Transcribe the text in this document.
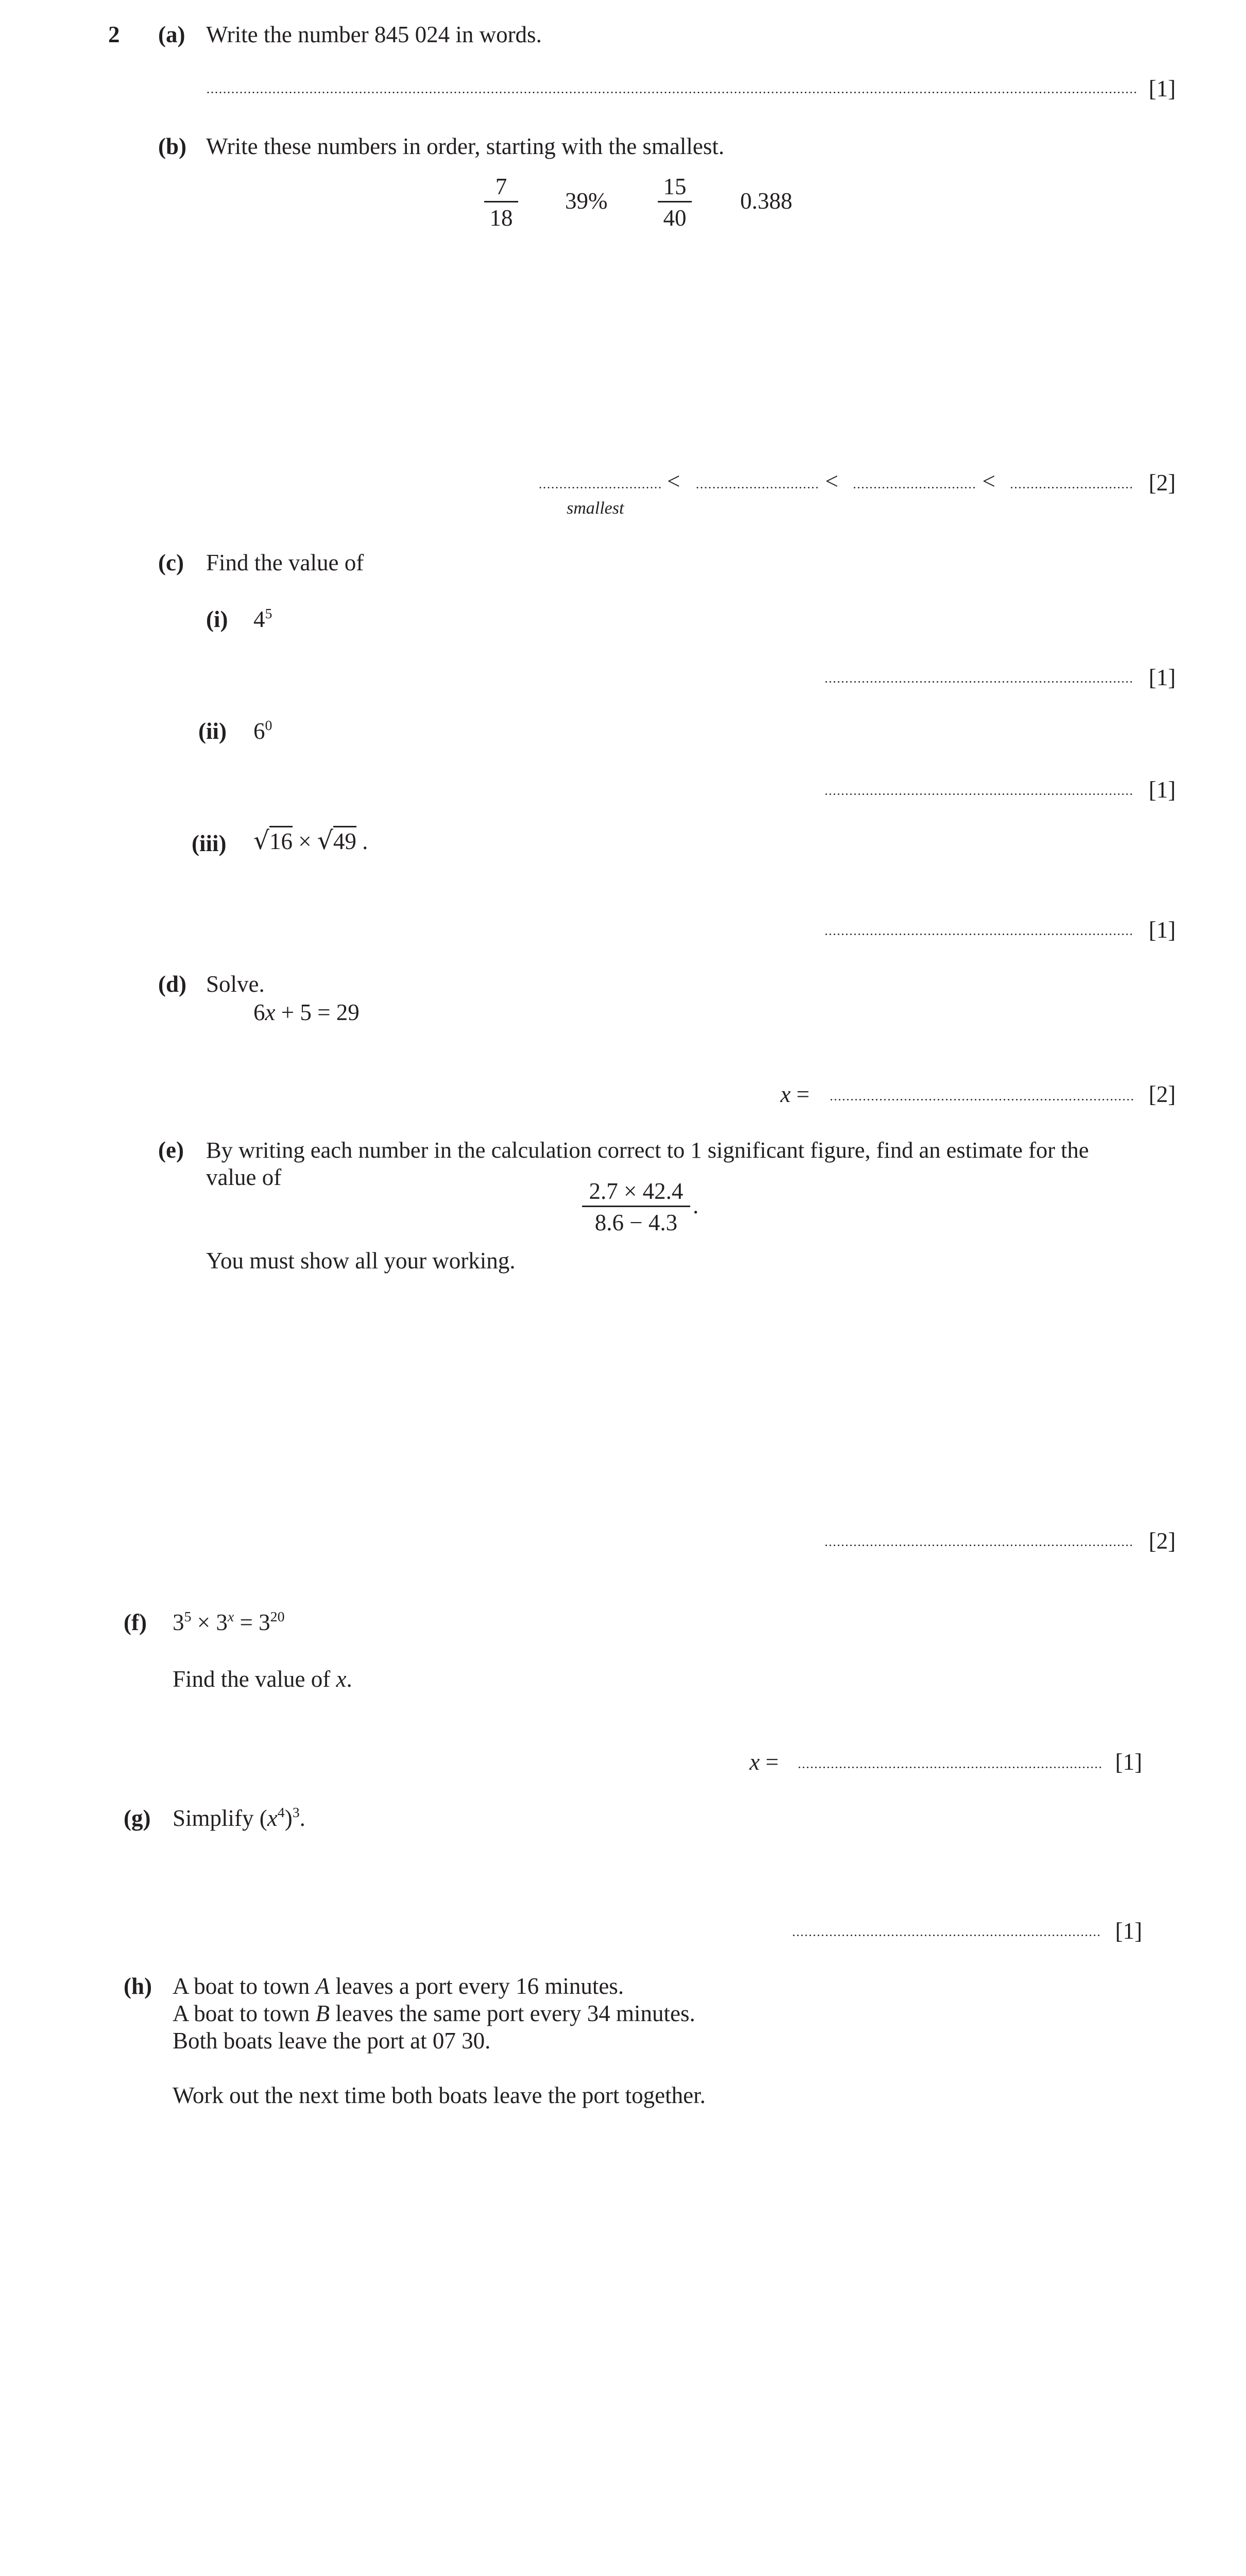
2 (a) Write the number 845 024 in words.
[1]
(b) Write these numbers in order, starting with the smallest.
7
18
39%
15
40
0.388
<	<	<	[2]
smallest
(c) Find the value of
(i) $4^5$
[1]
(ii) $6^0$
[1]
(iii) √16 × √49 .
[1]
(d) Solve.
6x + 5 = 29
x =	[2]
(e) By writing each number in the calculation correct to 1 significant figure, find an estimate for the
value of
2.7 × 42.4
8.6 − 4.3
.
You must show all your working.
[2]
(f) $3^5 \times 3^x = 3^{20}$
Find the value of x.
x =	[1]
(g) Simplify $(x^4)^3$.
[1]
(h) A boat to town A leaves a port every 16 minutes.
A boat to town B leaves the same port every 34 minutes.
Both boats leave the port at 07 30.
Work out the next time both boats leave the port together.
